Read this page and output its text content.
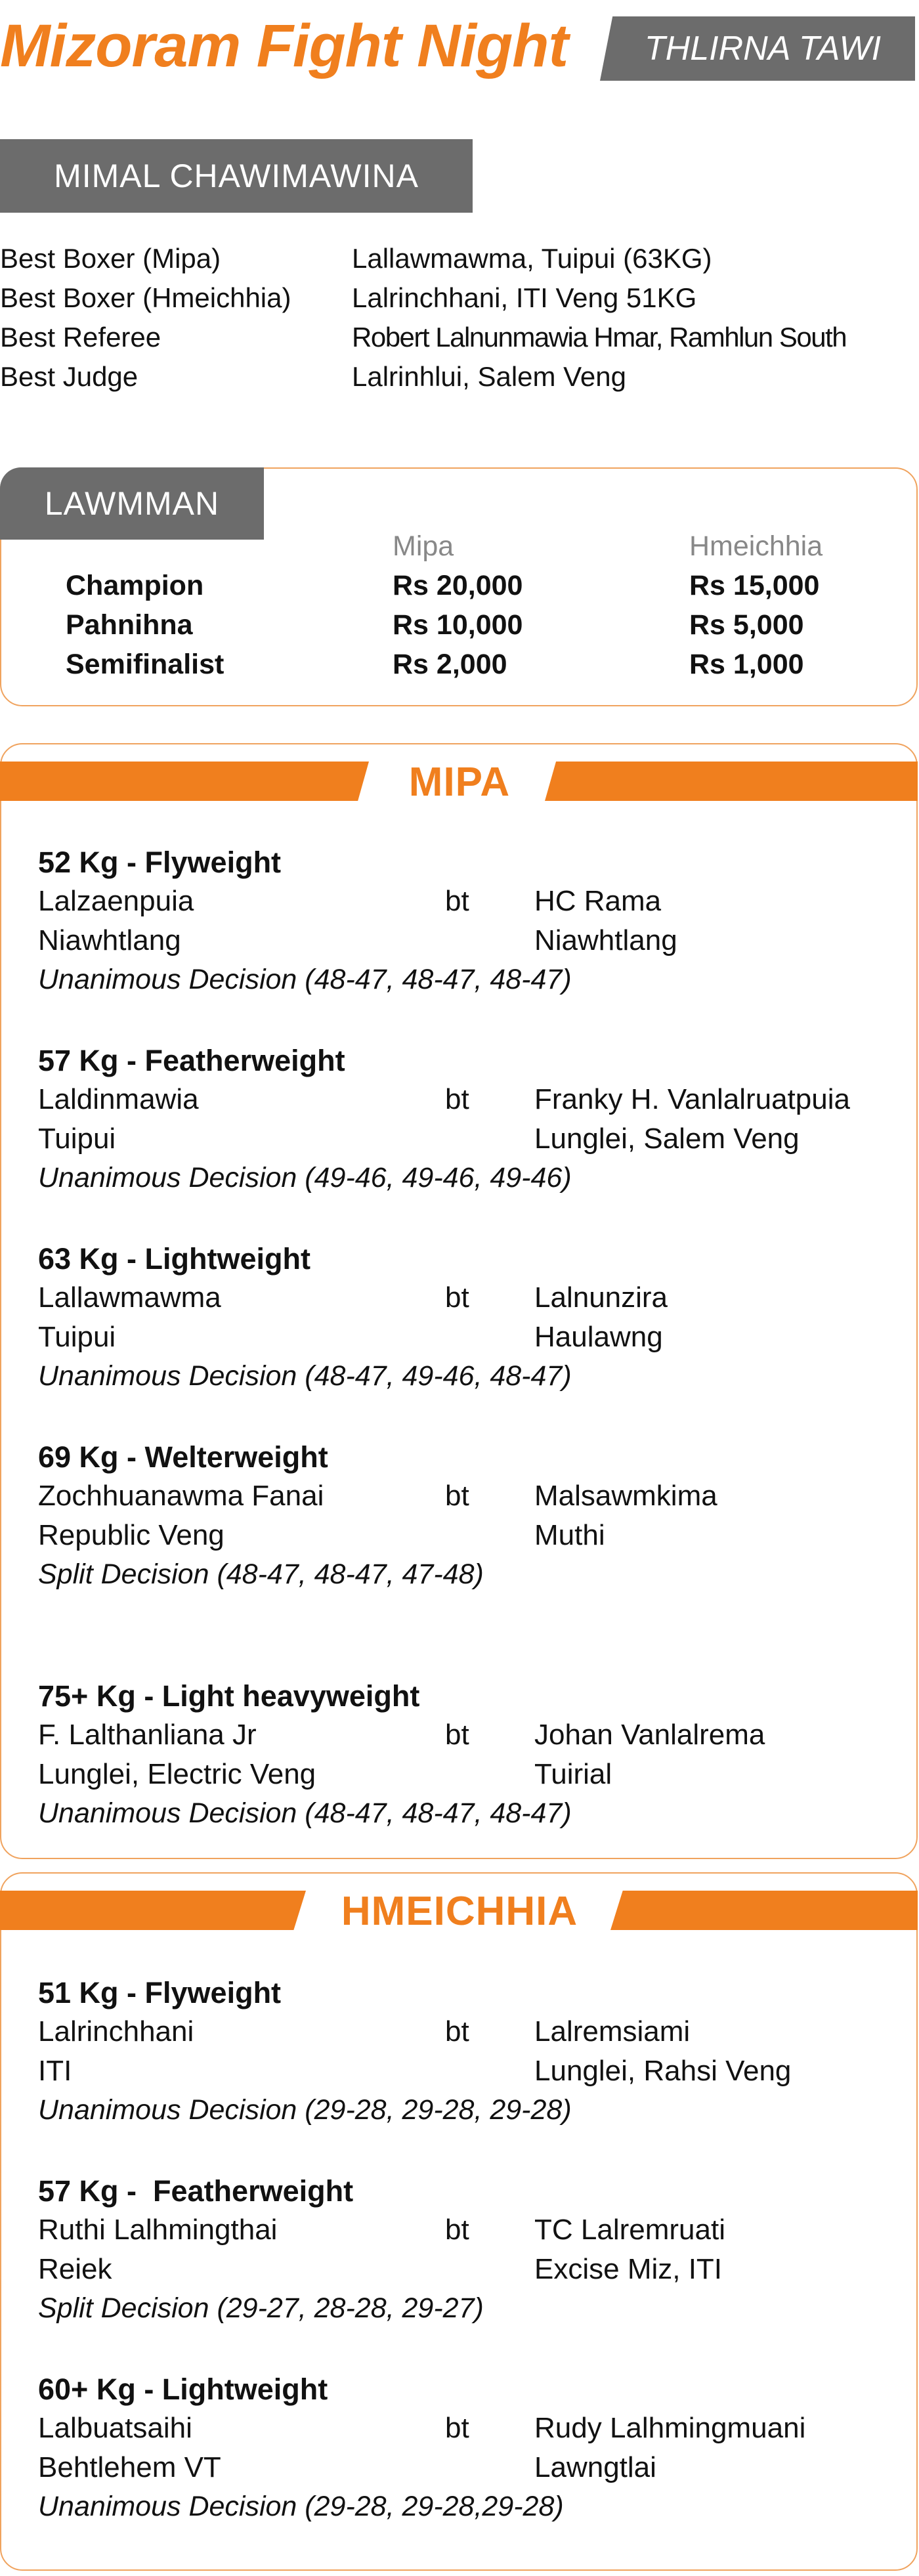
Mizoram Fight Night	THLIRNA TAWI
MIMAL CHAWIMAWINA
Best Boxer (Mipa)	Lallawmawma, Tuipui (63KG)
Best Boxer (Hmeichhia) Lalrinchhani, ITI Veng 51KG
Best Referee	Robert Lalnunmawia Hmar, Ramhlun South
Best Judge	Lalrinhlui, Salem Veng
LAWMMAN
Mipa	Hmeichhia
Champion	Rs 20,000	Rs 15,000
Pahnihna	Rs 10,000	Rs 5,000
Semifinalist	Rs 2,000	Rs 1,000
MIPA
52 Kg - Flyweight
Lalzaenpuia	bt HC Rama
Niawhtlang	Niawhtlang
Unanimous Decision (48-47, 48-47, 48-47)
57 Kg - Featherweight
Laldinmawia	bt Franky H. Vanlalruatpuia
Tuipui	Lunglei, Salem Veng
Unanimous Decision (49-46, 49-46, 49-46)
63 Kg - Lightweight
Lallawmawma	bt Lalnunzira
Tuipui	Haulawng
Unanimous Decision (48-47, 49-46, 48-47)
69 Kg - Welterweight
Zochhuanawma Fanai	bt Malsawmkima
Republic Veng	Muthi
Split Decision (48-47, 48-47, 47-48)
75+ Kg - Light heavyweight
F. Lalthanliana Jr	bt Johan Vanlalrema
Lunglei, Electric Veng	Tuirial
Unanimous Decision (48-47, 48-47, 48-47)
HMEICHHIA
51 Kg - Flyweight
Lalrinchhani	bt Lalremsiami
ITI	Lunglei, Rahsi Veng
Unanimous Decision (29-28, 29-28, 29-28)
57 Kg -  Featherweight
Ruthi Lalhmingthai	bt TC Lalremruati
Reiek	Excise Miz, ITI
Split Decision (29-27, 28-28, 29-27)
60+ Kg - Lightweight
Lalbuatsaihi	bt Rudy Lalhmingmuani
Behtlehem VT	Lawngtlai
Unanimous Decision (29-28, 29-28,29-28)
